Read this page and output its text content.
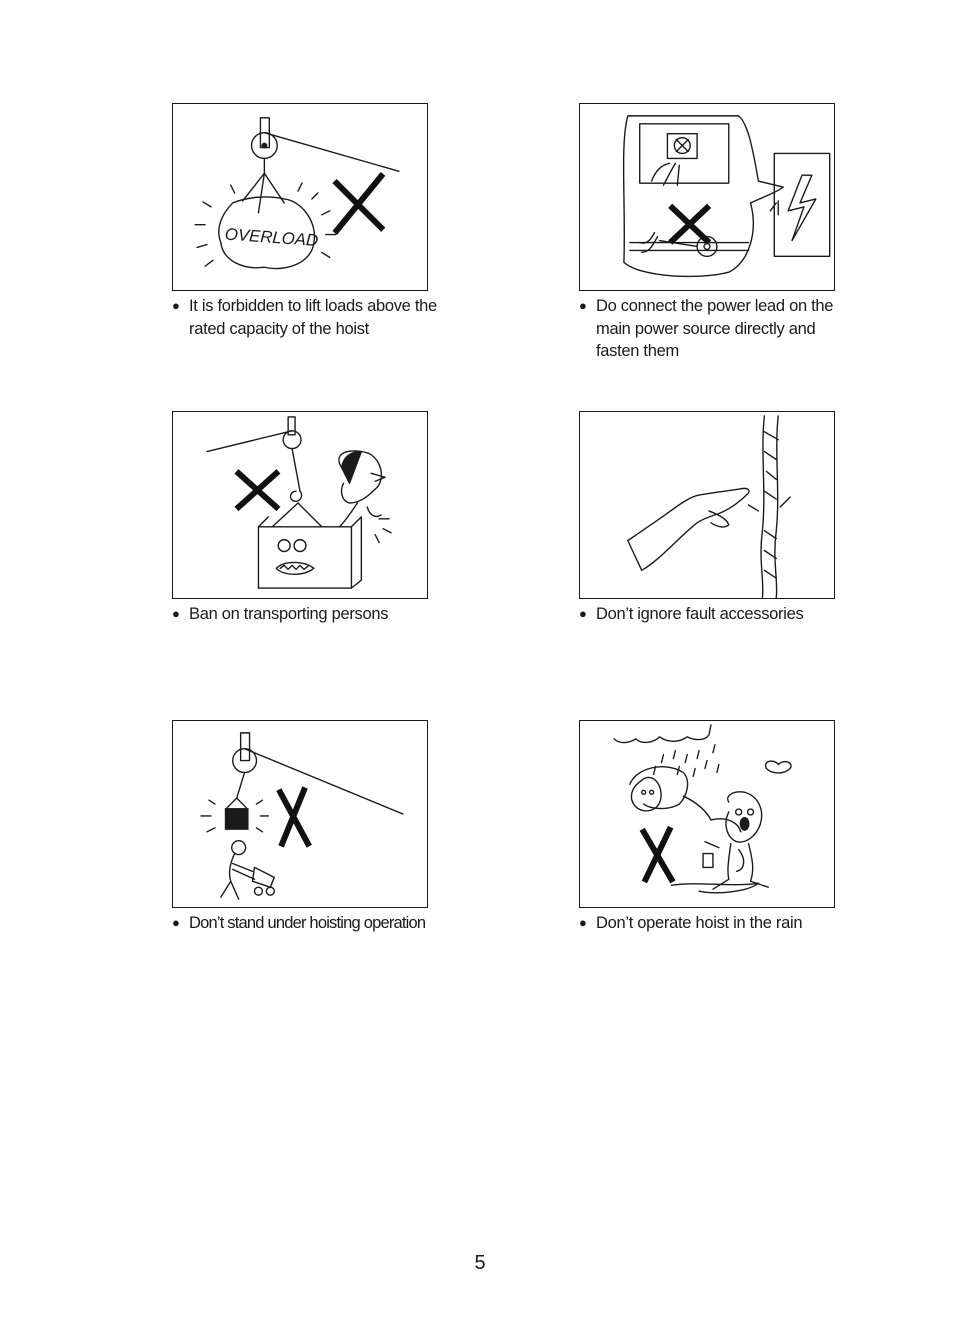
OVERLOAD
● It is forbidden to lift loads above the rated capacity of the hoist
● Do connect the power lead on the main power source directly and fasten them
● Ban on transporting persons	● Don’t ignore fault accessories
● Don’t stand under hoisting operation	● Don’t operate hoist in the rain
5
